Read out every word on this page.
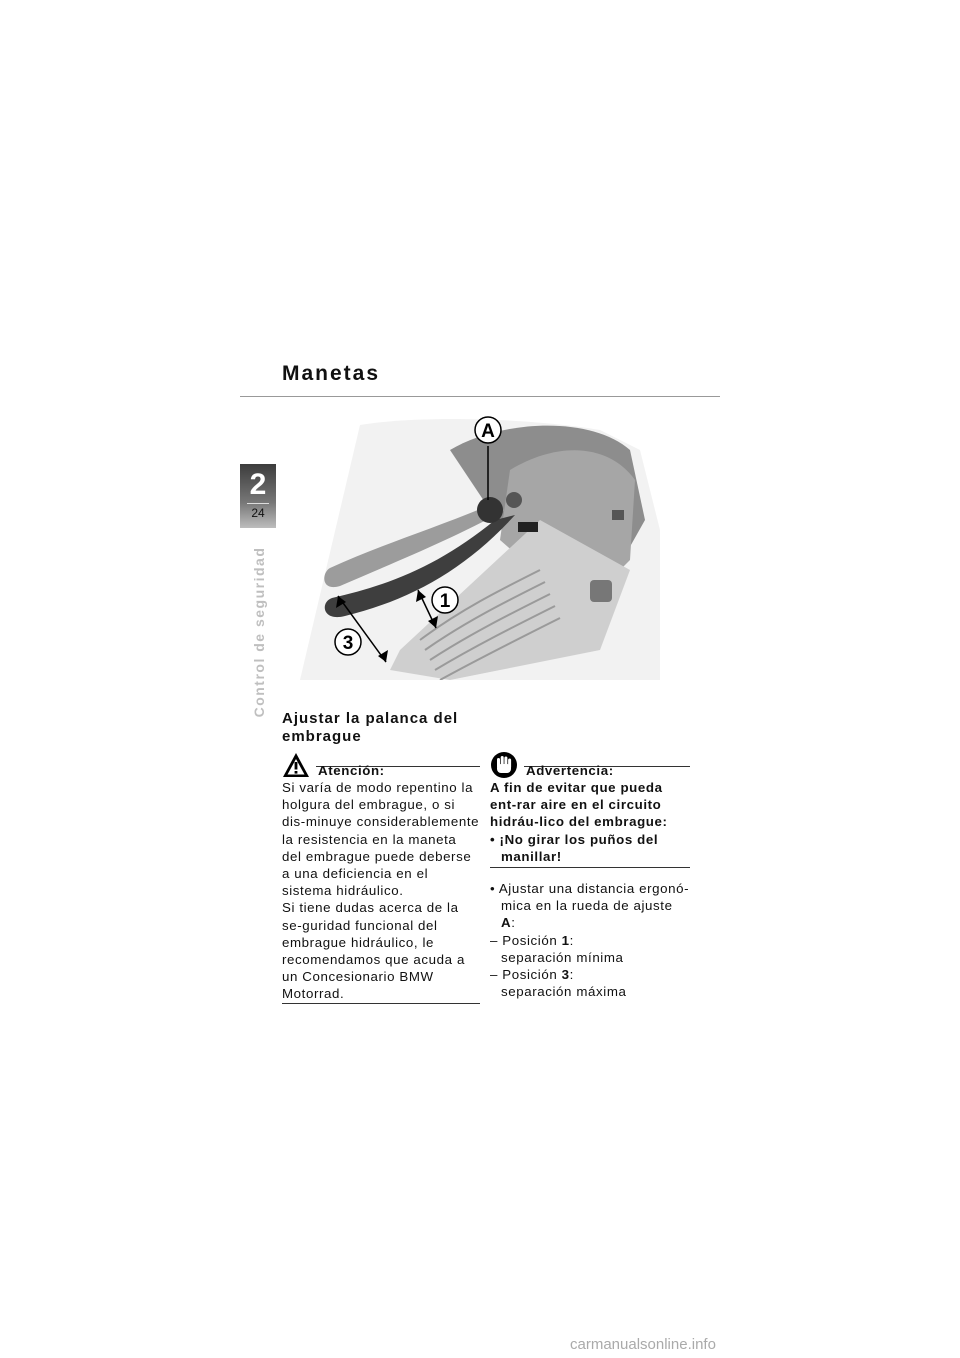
Manetas
2
24
Control de seguridad
A
1
3
Ajustar la palanca del embrague
Atención:

Si varía de modo repentino la holgura del embrague, o si dis-minuye considerablemente la resistencia en la maneta del embrague puede deberse a una deficiencia en el sistema hidráulico.

Si tiene dudas acerca de la se-guridad funcional del embrague hidráulico, le recomendamos que acuda a un Concesionario BMW Motorrad.

Advertencia:

A fin de evitar que pueda ent-rar aire en el circuito hidráu-lico del embrague:

• ¡No girar los puños del manillar!

• Ajustar una distancia ergonó-mica en la rueda de ajuste A:

– Posición 1:

separación mínima

– Posición 3:

separación máxima

carmanualsonline.info
